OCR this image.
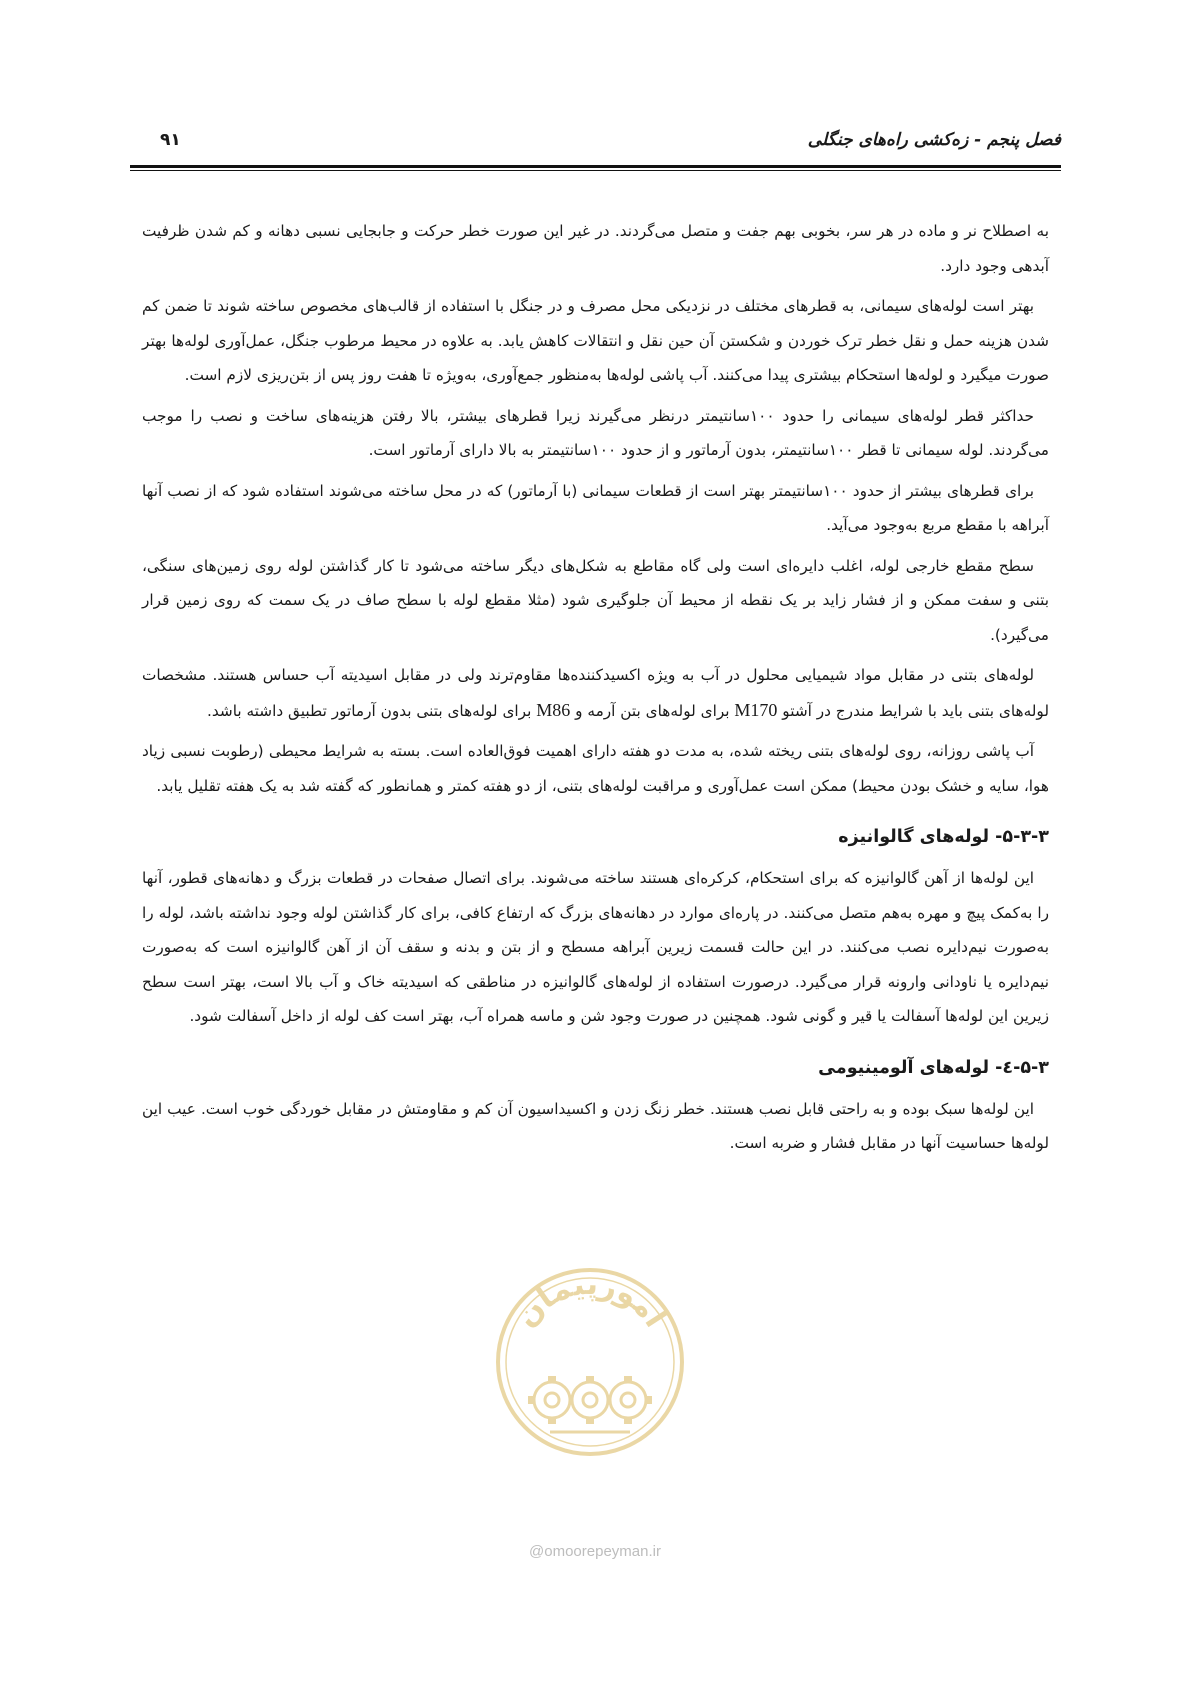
فصل پنجم - زه‌کشی راه‌های جنگلی
۹۱

به اصطلاح نر و ماده در هر سر، بخوبی بهم جفت و متصل می‌گردند. در غیر این صورت خطر حرکت و جابجایی نسبی دهانه و کم شدن ظرفیت آبدهی وجود دارد.

بهتر است لوله‌های سیمانی، به قطرهای مختلف در نزدیکی محل مصرف و در جنگل با استفاده از قالب‌های مخصوص ساخته شوند تا ضمن کم شدن هزینه حمل و نقل خطر ترک خوردن و شکستن آن حین نقل و انتقالات کاهش یابد. به علاوه در محیط مرطوب جنگل، عمل‌آوری لوله‌ها بهتر صورت میگیرد و لوله‌ها استحکام بیشتری پیدا می‌کنند. آب پاشی لوله‌ها به‌منظور جمع‌آوری، به‌ویژه تا هفت روز پس از بتن‌ریزی لازم است.

حداکثر قطر لوله‌های سیمانی را حدود ۱۰۰سانتیمتر درنظر می‌گیرند زیرا قطرهای بیشتر، بالا رفتن هزینه‌های ساخت و نصب را موجب می‌گردند. لوله سیمانی تا قطر ۱۰۰سانتیمتر، بدون آرماتور و از حدود ۱۰۰سانتیمتر به بالا دارای آرماتور است.

برای قطرهای بیشتر از حدود ۱۰۰سانتیمتر بهتر است از قطعات سیمانی (با آرماتور) که در محل ساخته می‌شوند استفاده شود که از نصب آنها آبراهه با مقطع مربع به‌وجود می‌آید.

سطح مقطع خارجی لوله، اغلب دایره‌ای است ولی گاه مقاطع به شکل‌های دیگر ساخته می‌شود تا کار گذاشتن لوله روی زمین‌های سنگی، بتنی و سفت ممکن و از فشار زاید بر یک نقطه از محیط آن جلوگیری شود (مثلا مقطع لوله با سطح صاف در یک سمت که روی زمین قرار می‌گیرد).

لوله‌های بتنی در مقابل مواد شیمیایی محلول در آب به ویژه اکسیدکننده‌ها مقاوم‌ترند ولی در مقابل اسیدیته آب حساس هستند. مشخصات لوله‌های بتنی باید با شرایط مندرج در آشتو M170 برای لوله‌های بتن آرمه و M86 برای لوله‌های بتنی بدون آرماتور تطبیق داشته باشد.

آب پاشی روزانه، روی لوله‌های بتنی ریخته شده، به مدت دو هفته دارای اهمیت فوق‌العاده است. بسته به شرایط محیطی (رطوبت نسبی زیاد هوا، سایه و خشک بودن محیط) ممکن است عمل‌آوری و مراقبت لوله‌های بتنی، از دو هفته کمتر و همانطور که گفته شد به یک هفته تقلیل یابد.

۵-۳-۳- لوله‌های گالوانیزه

این لوله‌ها از آهن گالوانیزه که برای استحکام، کرکره‌ای هستند ساخته می‌شوند. برای اتصال صفحات در قطعات بزرگ و دهانه‌های قطور، آنها را به‌کمک پیچ و مهره به‌هم متصل می‌کنند. در پاره‌ای موارد در دهانه‌های بزرگ که ارتفاع کافی، برای کار گذاشتن لوله وجود نداشته باشد، لوله را به‌صورت نیم‌دایره نصب می‌کنند. در این حالت قسمت زیرین آبراهه مسطح و از بتن و بدنه و سقف آن از آهن گالوانیزه است که به‌صورت نیم‌دایره یا ناودانی وارونه قرار می‌گیرد. درصورت استفاده از لوله‌های گالوانیزه در مناطقی که اسیدیته خاک و آب بالا است، بهتر است سطح زیرین این لوله‌ها آسفالت یا قیر و گونی شود. همچنین در صورت وجود شن و ماسه همراه آب، بهتر است کف لوله از داخل آسفالت شود.

۵-۳-٤- لوله‌های آلومینیومی

این لوله‌ها سبک بوده و به راحتی قابل نصب هستند. خطر زنگ زدن و اکسیداسیون آن کم و مقاومتش در مقابل خوردگی خوب است. عیب این لوله‌ها حساسیت آنها در مقابل فشار و ضربه است.

امورپیمان
@omoorepeyman.ir
